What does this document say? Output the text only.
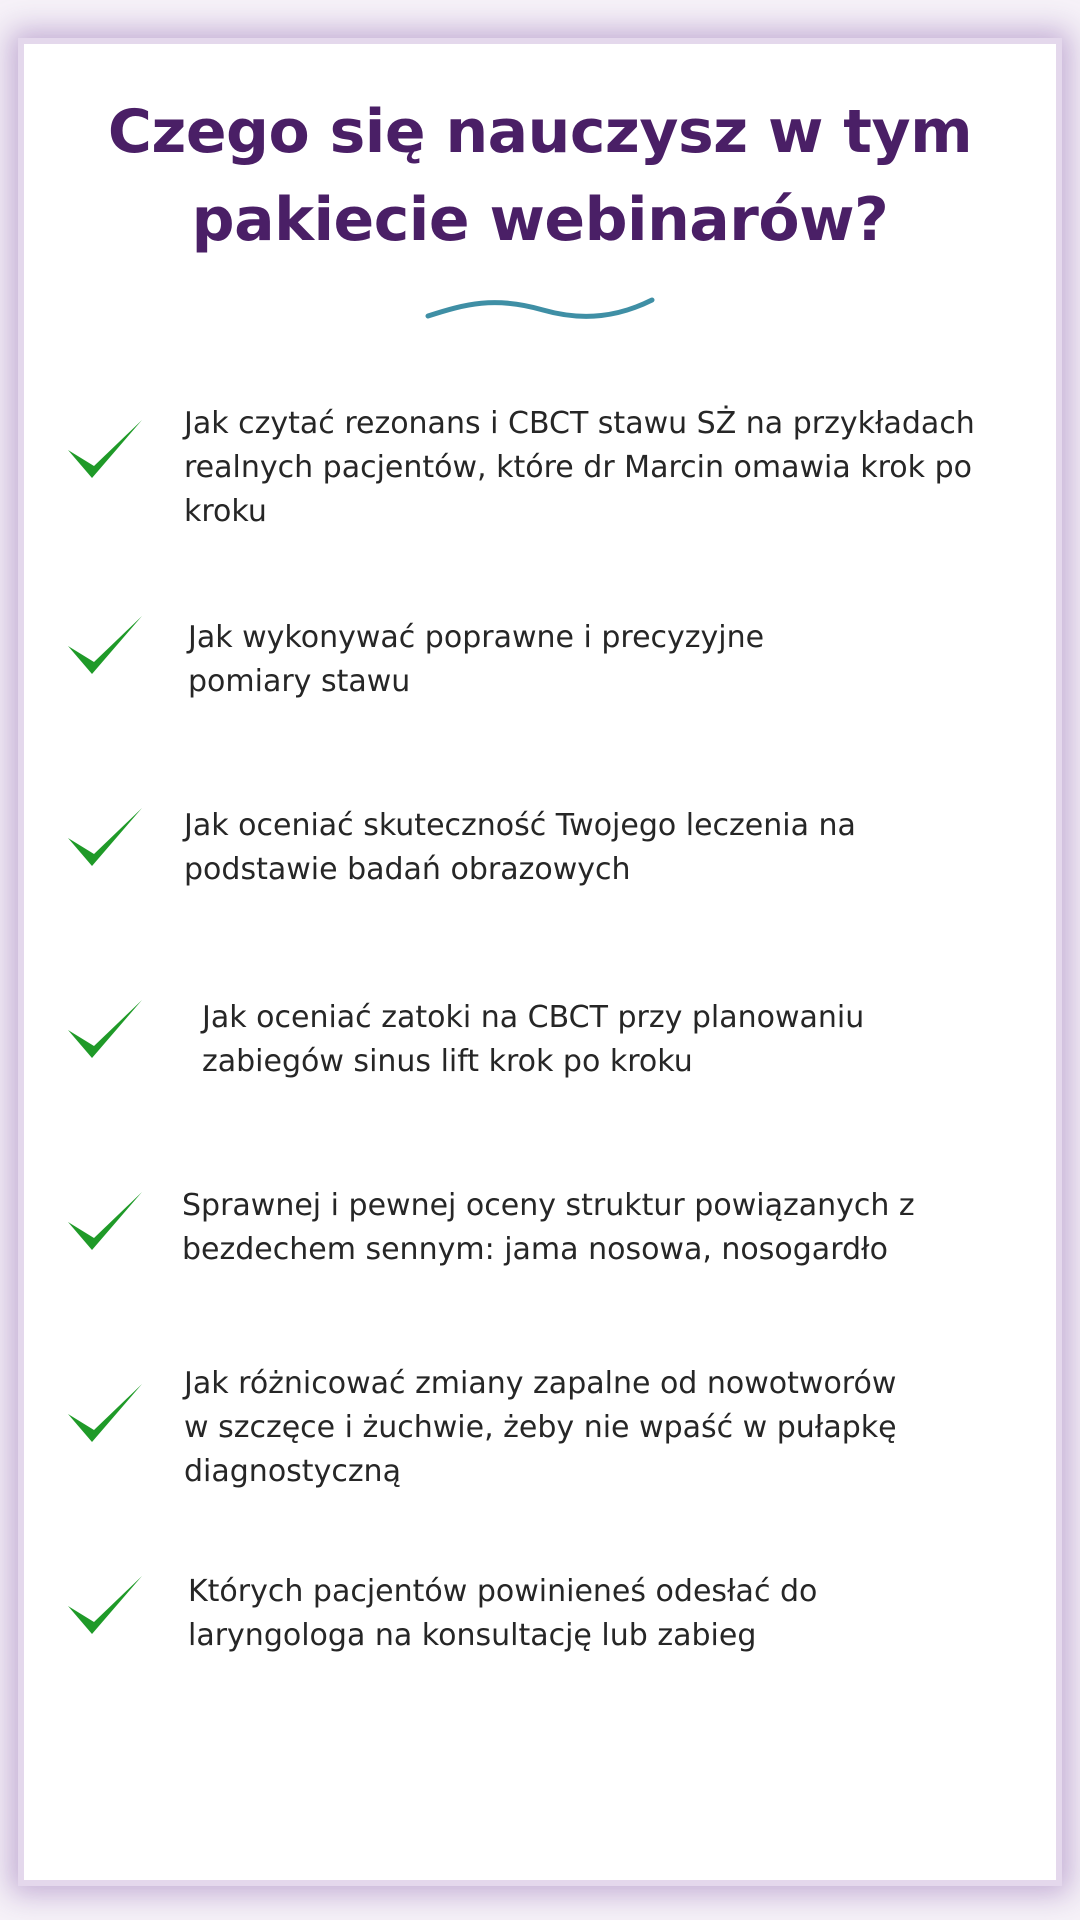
Czego się nauczysz w tym
pakiecie webinarów?

Jak czytać rezonans i CBCT stawu SŻ na przykładach
realnych pacjentów, które dr Marcin omawia krok po
kroku

Jak wykonywać poprawne i precyzyjne
pomiary stawu

Jak oceniać skuteczność Twojego leczenia na
podstawie badań obrazowych

Jak oceniać zatoki na CBCT przy planowaniu
zabiegów sinus lift krok po kroku

Sprawnej i pewnej oceny struktur powiązanych z
bezdechem sennym: jama nosowa, nosogardło

Jak różnicować zmiany zapalne od nowotworów
w szczęce i żuchwie, żeby nie wpaść w pułapkę
diagnostyczną

Których pacjentów powinieneś odesłać do
laryngologa na konsultację lub zabieg
